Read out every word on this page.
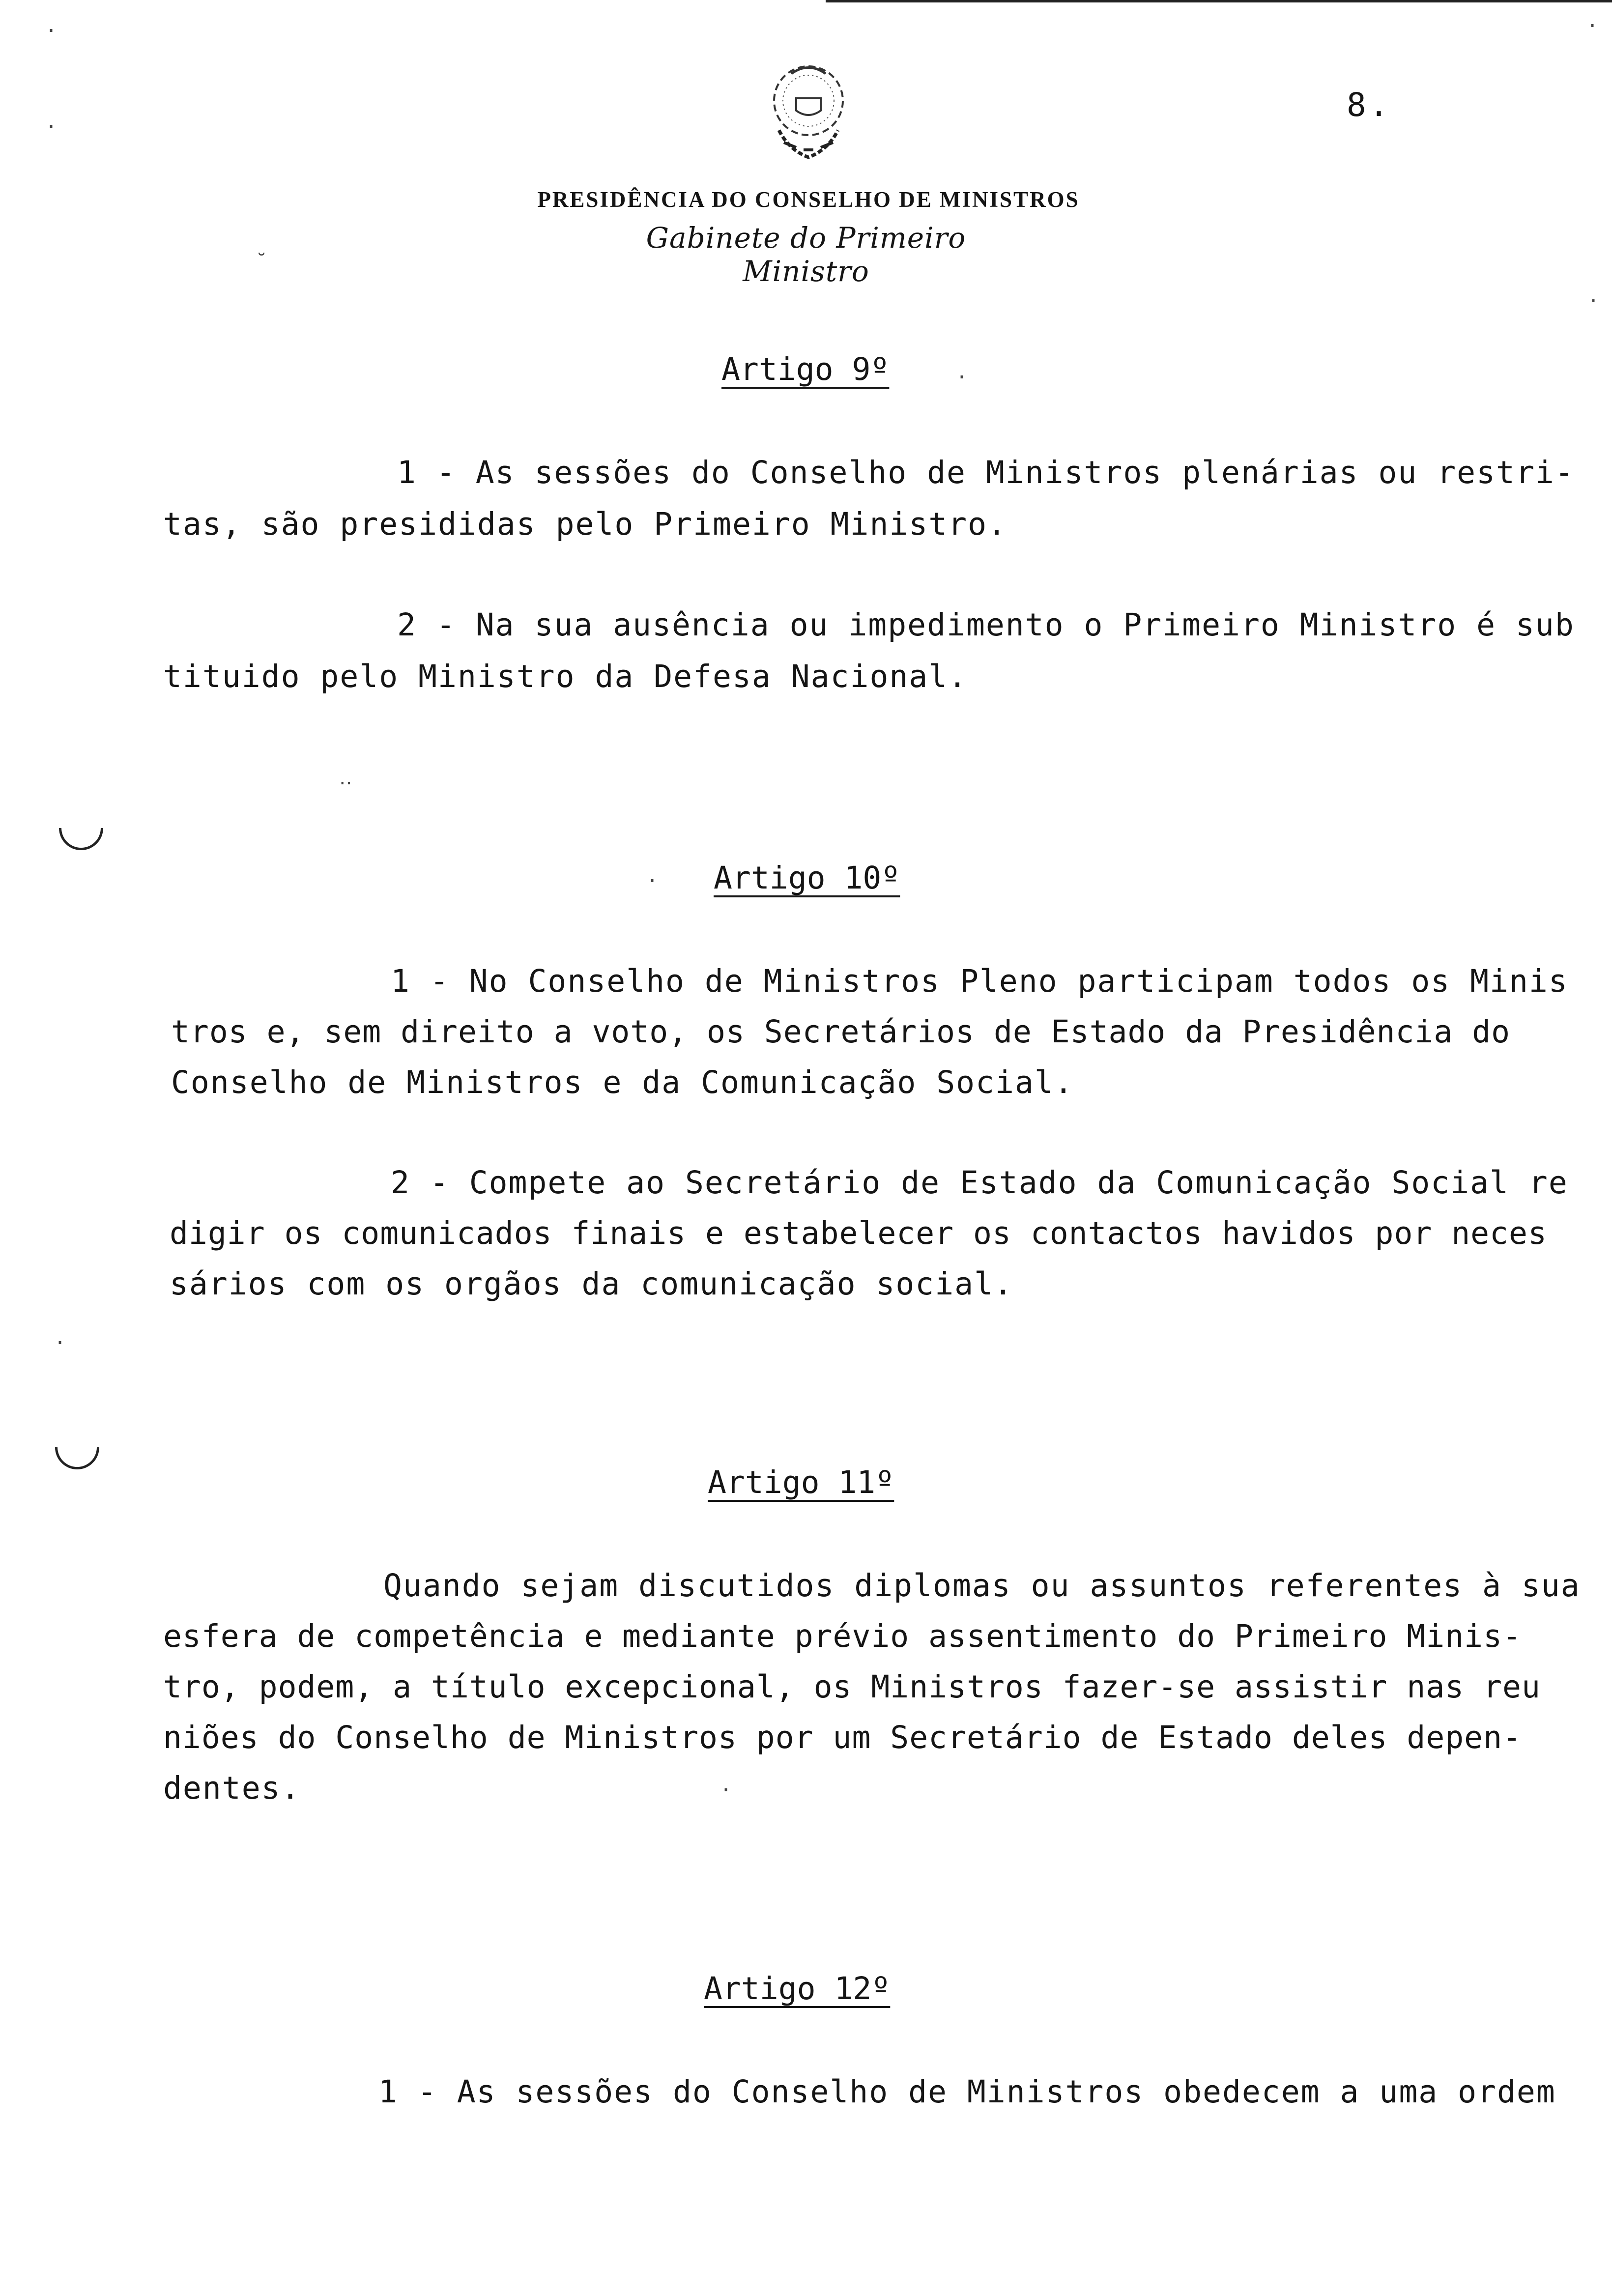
8.
PRESIDÊNCIA DO CONSELHO DE MINISTROS
Gabinete do Primeiro Ministro
Artigo 9º
1 - As sessões do Conselho de Ministros plenárias ou restri-
tas, são presididas pelo Primeiro Ministro.
2 - Na sua ausência ou impedimento o Primeiro Ministro é sub
tituido pelo Ministro da Defesa Nacional.
Artigo 10º
1 - No Conselho de Ministros Pleno participam todos os Minis
tros e, sem direito a voto, os Secretários de Estado da Presidência do
Conselho de Ministros e da Comunicação Social.
2 - Compete ao Secretário de Estado da Comunicação Social re
digir os comunicados finais e estabelecer os contactos havidos por neces
sários com os orgãos da comunicação social.
Artigo 11º
Quando sejam discutidos diplomas ou assuntos referentes à sua
esfera de competência e mediante prévio assentimento do Primeiro Minis-
tro, podem, a título excepcional, os Ministros fazer-se assistir nas reu
niões do Conselho de Ministros por um Secretário de Estado deles depen-
dentes.
Artigo 12º
1 - As sessões do Conselho de Ministros obedecem a uma ordem
·
·
˘
‥
·
·
·
·
·
·
